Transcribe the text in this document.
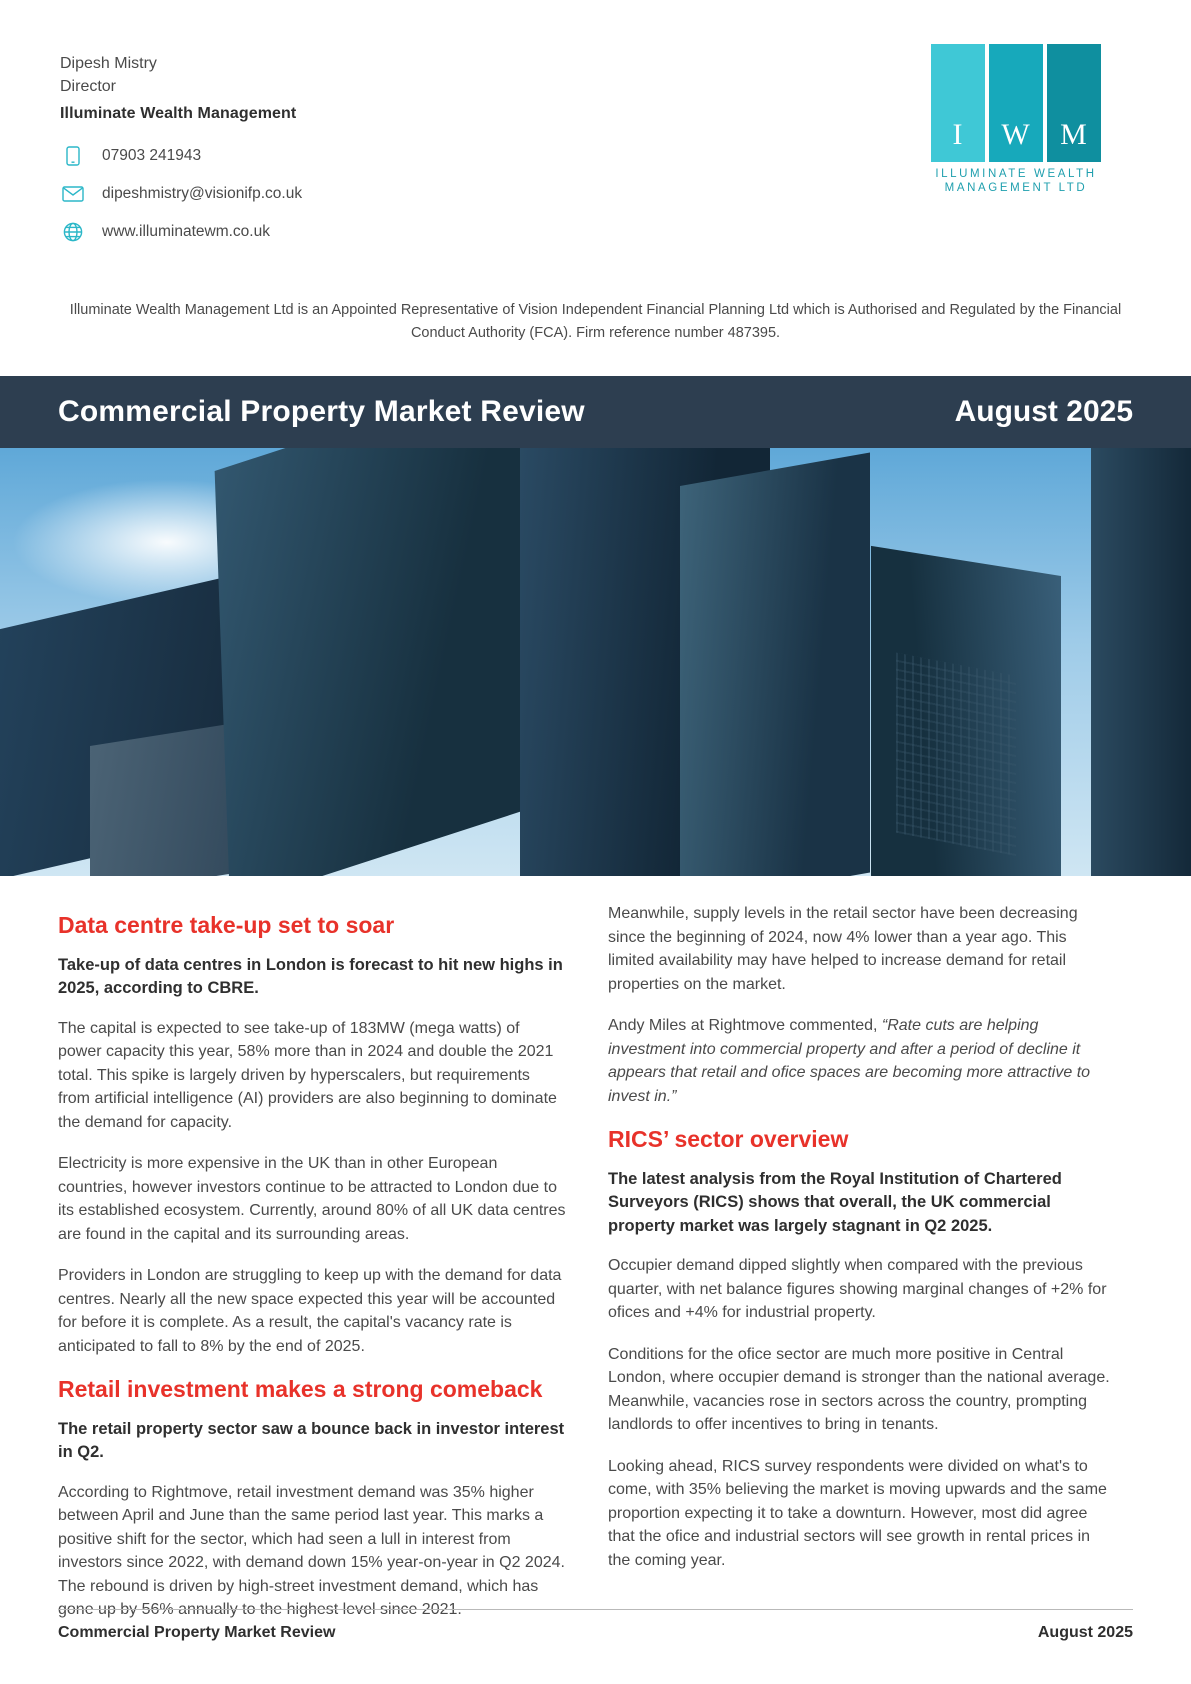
Dipesh Mistry
Director
Illuminate Wealth Management
07903 241943
dipeshmistry@visionifp.co.uk
www.illuminatewm.co.uk
I	W M
ILLUMINATE WEALTH
MANAGEMENT LTD
Illuminate Wealth Management Ltd is an Appointed Representative of Vision Independent Financial Planning Ltd which is Authorised and Regulated by the Financial Conduct Authority (FCA). Firm reference number 487395.
Commercial Property Market Review	August 2025
Data centre take-up set to soar

Take-up of data centres in London is forecast to hit new highs in 2025, according to CBRE.

The capital is expected to see take-up of 183MW (mega watts) of power capacity this year, 58% more than in 2024 and double the 2021 total. This spike is largely driven by hyperscalers, but requirements from artificial intelligence (AI) providers are also beginning to dominate the demand for capacity.

Electricity is more expensive in the UK than in other European countries, however investors continue to be attracted to London due to its established ecosystem. Currently, around 80% of all UK data centres are found in the capital and its surrounding areas.

Providers in London are struggling to keep up with the demand for data centres. Nearly all the new space expected this year will be accounted for before it is complete. As a result, the capital's vacancy rate is anticipated to fall to 8% by the end of 2025.

Retail investment makes a strong comeback

The retail property sector saw a bounce back in investor interest in Q2.

According to Rightmove, retail investment demand was 35% higher between April and June than the same period last year. This marks a positive shift for the sector, which had seen a lull in interest from investors since 2022, with demand down 15% year-on-year in Q2 2024. The rebound is driven by high-street investment demand, which has gone up by 56% annually to the highest level since 2021.

Meanwhile, supply levels in the retail sector have been decreasing since the beginning of 2024, now 4% lower than a year ago. This limited availability may have helped to increase demand for retail properties on the market.

Andy Miles at Rightmove commented, “Rate cuts are helping investment into commercial property and after a period of decline it appears that retail and ofice spaces are becoming more attractive to invest in.”

RICS’ sector overview

The latest analysis from the Royal Institution of Chartered Surveyors (RICS) shows that overall, the UK commercial property market was largely stagnant in Q2 2025.

Occupier demand dipped slightly when compared with the previous quarter, with net balance figures showing marginal changes of +2% for ofices and +4% for industrial property.

Conditions for the ofice sector are much more positive in Central London, where occupier demand is stronger than the national average. Meanwhile, vacancies rose in sectors across the country, prompting landlords to offer incentives to bring in tenants.

Looking ahead, RICS survey respondents were divided on what's to come, with 35% believing the market is moving upwards and the same proportion expecting it to take a downturn. However, most did agree that the ofice and industrial sectors will see growth in rental prices in the coming year.

Commercial Property Market Review	August 2025
